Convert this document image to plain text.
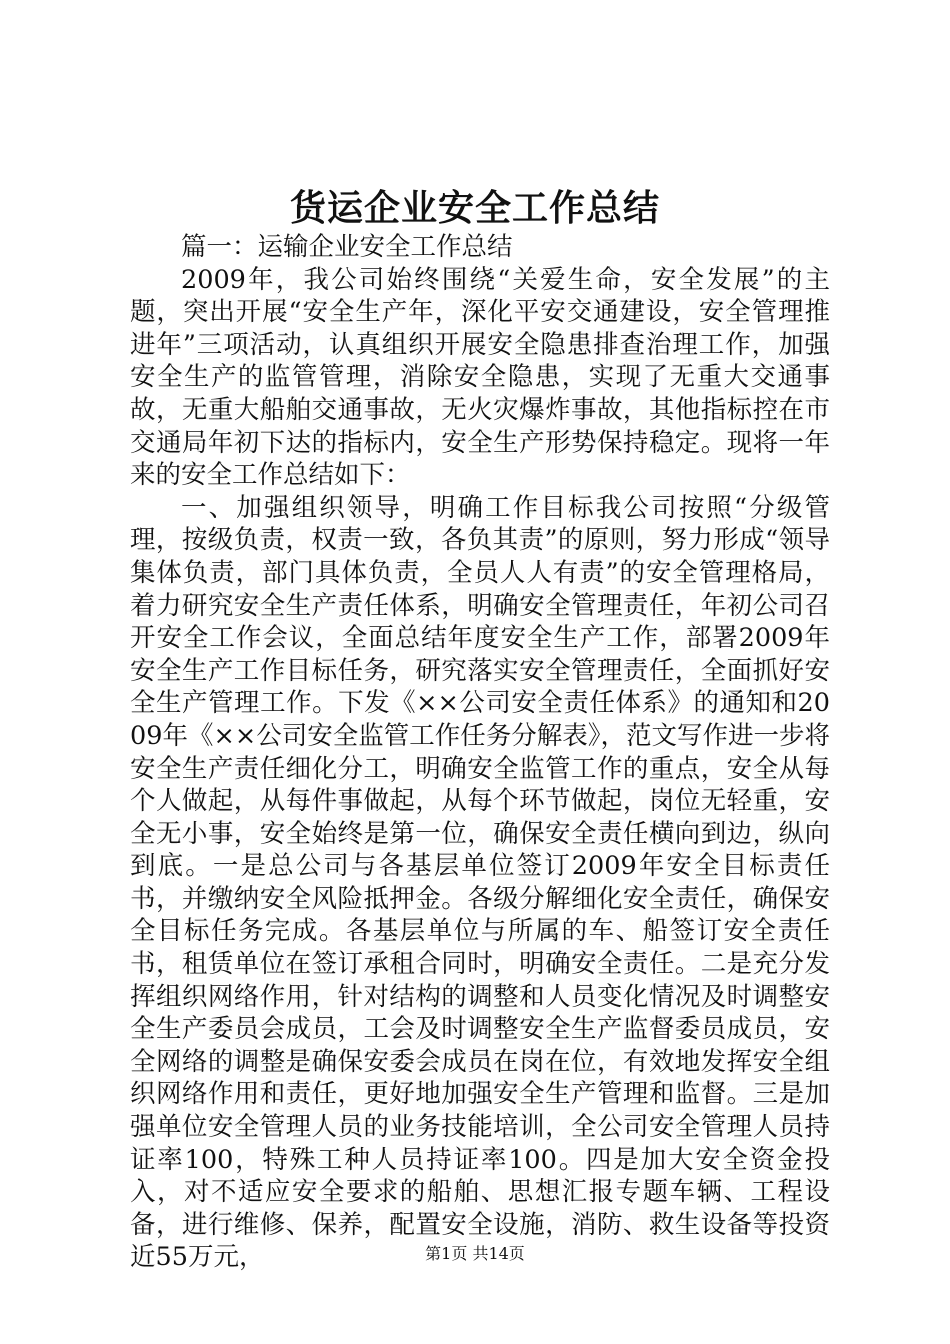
货运企业安全工作总结

篇一：运输企业安全工作总结

2009年，我公司始终围绕“关爱生命，安全发展”的主题，突出开展“安全生产年，深化平安交通建设，安全管理推进年”三项活动，认真组织开展安全隐患排查治理工作，加强安全生产的监管管理，消除安全隐患，实现了无重大交通事故，无重大船舶交通事故，无火灾爆炸事故，其他指标控在市交通局年初下达的指标内，安全生产形势保持稳定。现将一年来的安全工作总结如下：

一、加强组织领导，明确工作目标我公司按照“分级管理，按级负责，权责一致，各负其责”的原则，努力形成“领导集体负责，部门具体负责，全员人人有责”的安全管理格局，着力研究安全生产责任体系，明确安全管理责任，年初公司召开安全工作会议，全面总结年度安全生产工作，部署2009年安全生产工作目标任务，研究落实安全管理责任，全面抓好安全生产管理工作。下发《××公司安全责任体系》的通知和2009年《××公司安全监管工作任务分解表》，范文写作进一步将安全生产责任细化分工，明确安全监管工作的重点，安全从每个人做起，从每件事做起，从每个环节做起，岗位无轻重，安全无小事，安全始终是第一位，确保安全责任横向到边，纵向到底。一是总公司与各基层单位签订2009年安全目标责任书，并缴纳安全风险抵押金。各级分解细化安全责任，确保安全目标任务完成。各基层单位与所属的车、船签订安全责任书，租赁单位在签订承租合同时，明确安全责任。二是充分发挥组织网络作用，针对结构的调整和人员变化情况及时调整安全生产委员会成员，工会及时调整安全生产监督委员成员，安全网络的调整是确保安委会成员在岗在位，有效地发挥安全组织网络作用和责任，更好地加强安全生产管理和监督。三是加强单位安全管理人员的业务技能培训，全公司安全管理人员持证率100，特殊工种人员持证率100。四是加大安全资金投入，对不适应安全要求的船舶、思想汇报专题车辆、工程设备，进行维修、保养，配置安全设施，消防、救生设备等投资近55万元，	第1页 共14页
